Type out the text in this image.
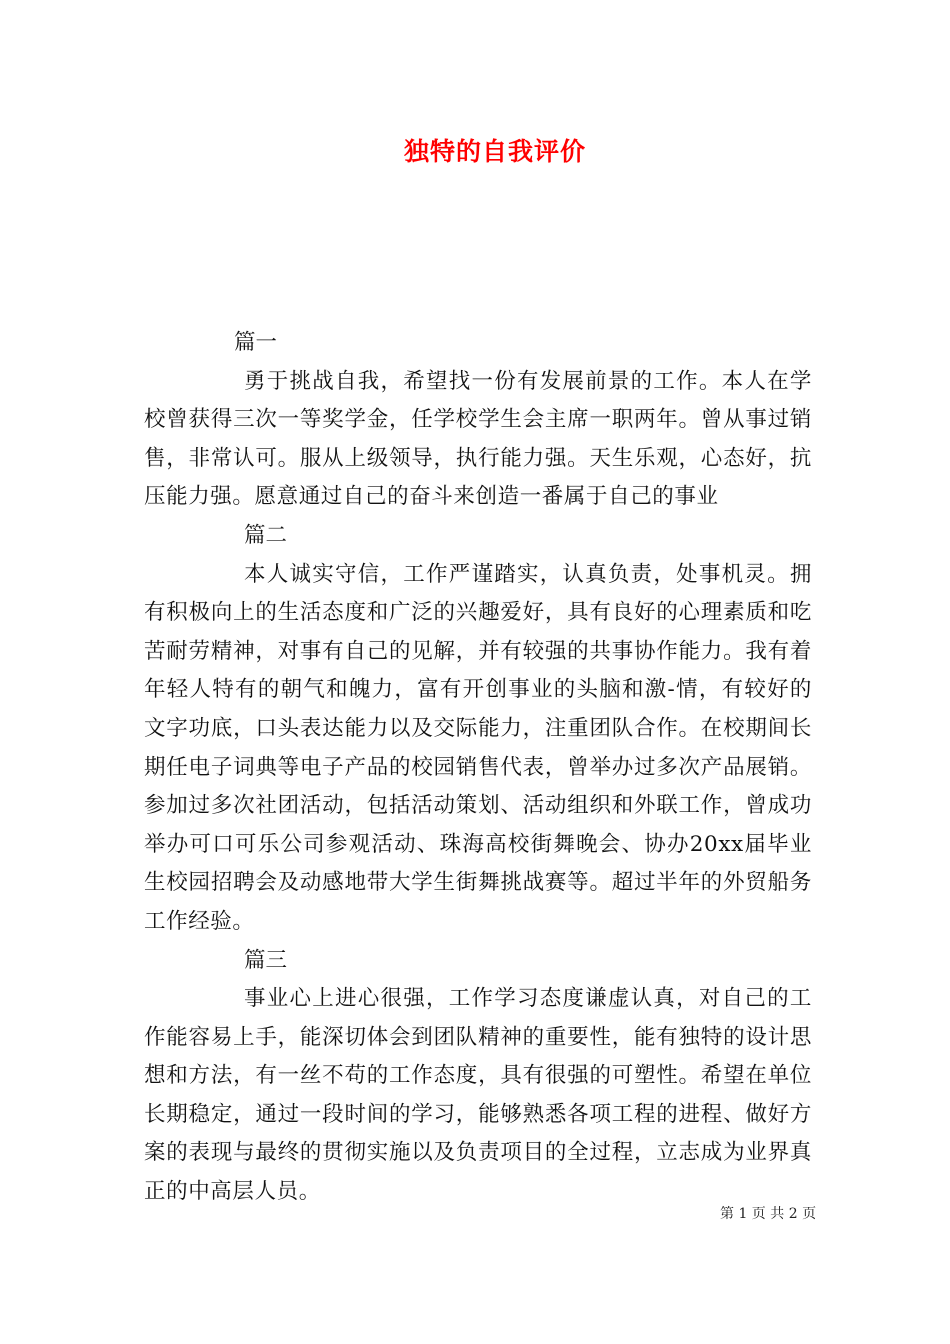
独特的自我评价

篇一

勇于挑战自我，希望找一份有发展前景的工作。本人在学校曾获得三次一等奖学金，任学校学生会主席一职两年。曾从事过销售，非常认可。服从上级领导，执行能力强。天生乐观，心态好，抗压能力强。愿意通过自己的奋斗来创造一番属于自己的事业

篇二

本人诚实守信，工作严谨踏实，认真负责，处事机灵。拥有积极向上的生活态度和广泛的兴趣爱好，具有良好的心理素质和吃苦耐劳精神，对事有自己的见解，并有较强的共事协作能力。我有着年轻人特有的朝气和魄力，富有开创事业的头脑和激-情，有较好的文字功底，口头表达能力以及交际能力，注重团队合作。在校期间长期任电子词典等电子产品的校园销售代表，曾举办过多次产品展销。参加过多次社团活动，包括活动策划、活动组织和外联工作，曾成功举办可口可乐公司参观活动、珠海高校街舞晚会、协办20xx届毕业生校园招聘会及动感地带大学生街舞挑战赛等。超过半年的外贸船务工作经验。

篇三

事业心上进心很强，工作学习态度谦虚认真，对自己的工作能容易上手，能深切体会到团队精神的重要性，能有独特的设计思想和方法，有一丝不苟的工作态度，具有很强的可塑性。希望在单位长期稳定，通过一段时间的学习，能够熟悉各项工程的进程、做好方案的表现与最终的贯彻实施以及负责项目的全过程，立志成为业界真正的中高层人员。

第 1 页 共 2 页
